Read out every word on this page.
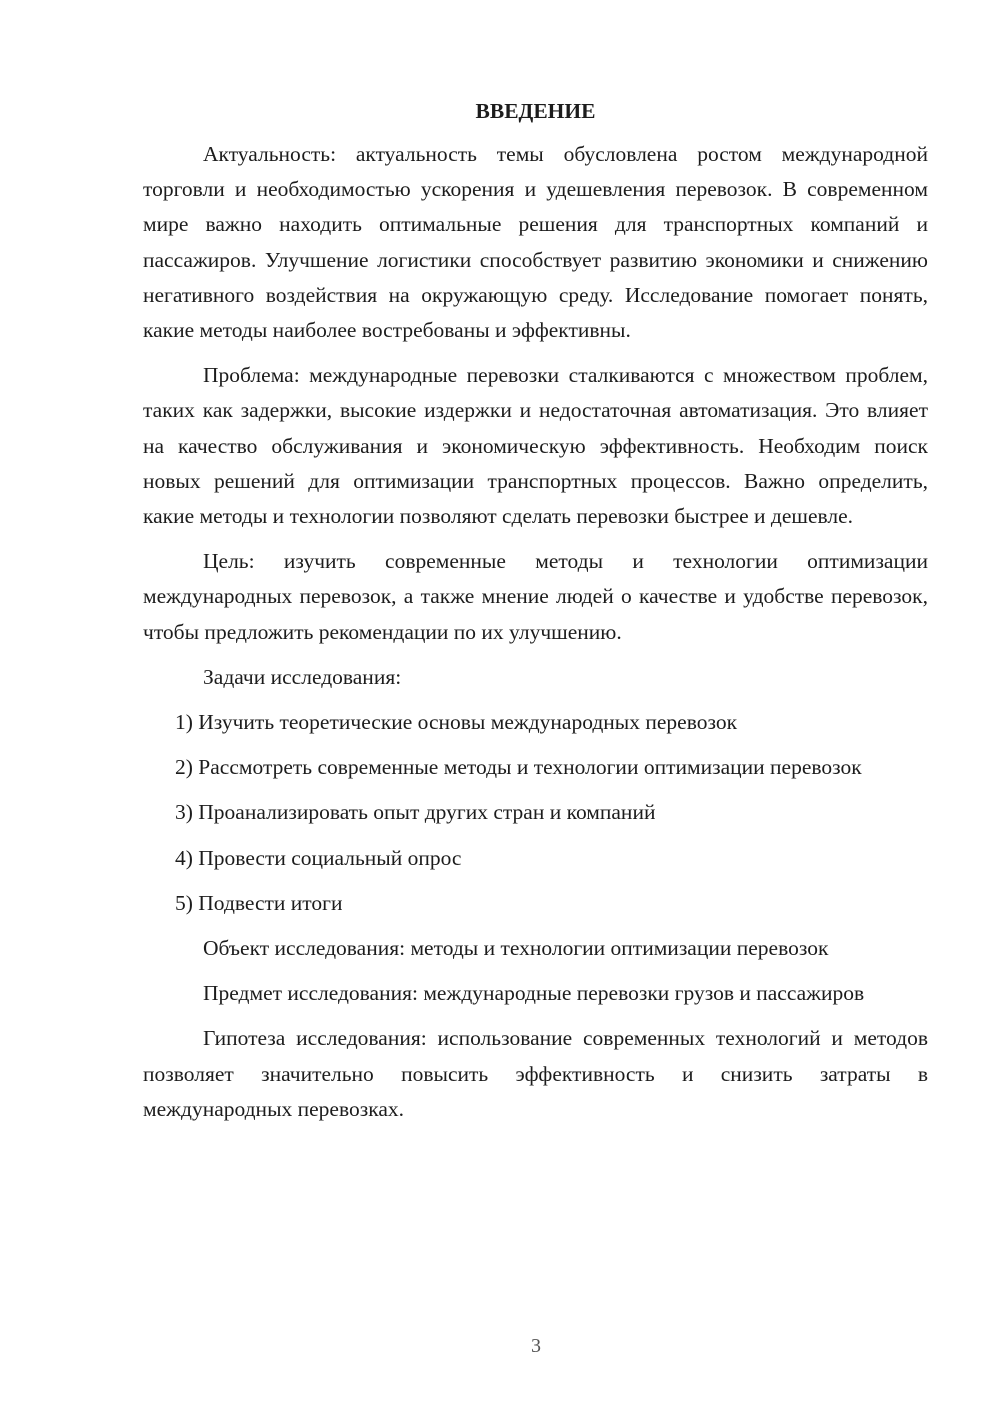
ВВЕДЕНИЕ

Актуальность: актуальность темы обусловлена ростом международной торговли и необходимостью ускорения и удешевления перевозок. В современном мире важно находить оптимальные решения для транспортных компаний и пассажиров. Улучшение логистики способствует развитию экономики и снижению негативного воздействия на окружающую среду. Исследование помогает понять, какие методы наиболее востребованы и эффективны.

Проблема: международные перевозки сталкиваются с множеством проблем, таких как задержки, высокие издержки и недостаточная автоматизация. Это влияет на качество обслуживания и экономическую эффективность. Необходим поиск новых решений для оптимизации транспортных процессов. Важно определить, какие методы и технологии позволяют сделать перевозки быстрее и дешевле.

Цель: изучить современные методы и технологии оптимизации международных перевозок, а также мнение людей о качестве и удобстве перевозок, чтобы предложить рекомендации по их улучшению.

Задачи исследования:

1) Изучить теоретические основы международных перевозок

2) Рассмотреть современные методы и технологии оптимизации перевозок

3) Проанализировать опыт других стран и компаний

4) Провести социальный опрос

5) Подвести итоги

Объект исследования: методы и технологии оптимизации перевозок

Предмет исследования: международные перевозки грузов и пассажиров

Гипотеза исследования: использование современных технологий и методов позволяет значительно повысить эффективность и снизить затраты в международных перевозках.

3
